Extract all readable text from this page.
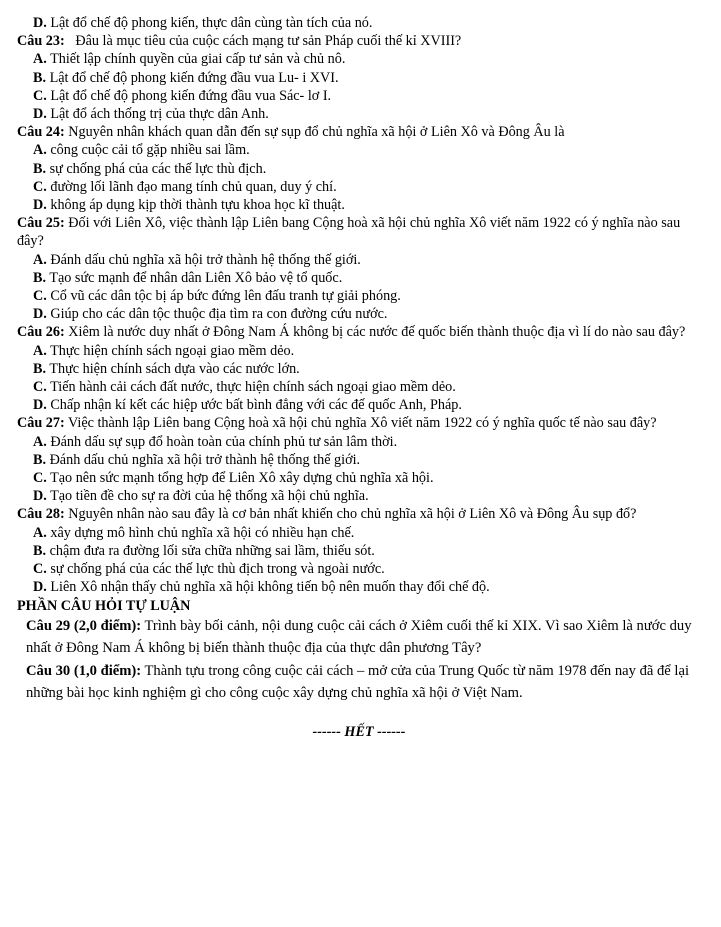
D. Lật đổ chế độ phong kiến, thực dân cùng tàn tích của nó.

Câu 23: Đâu là mục tiêu của cuộc cách mạng tư sản Pháp cuối thế kỉ XVIII?

A. Thiết lập chính quyền của giai cấp tư sản và chủ nô.

B. Lật đổ chế độ phong kiến đứng đầu vua Lu- i XVI.

C. Lật đổ chế độ phong kiến đứng đầu vua Sác- lơ I.

D. Lật đổ ách thống trị của thực dân Anh.

Câu 24: Nguyên nhân khách quan dẫn đến sự sụp đổ chủ nghĩa xã hội ở Liên Xô và Đông Âu là

A. công cuộc cải tổ gặp nhiều sai lầm.

B. sự chống phá của các thế lực thù địch.

C. đường lối lãnh đạo mang tính chủ quan, duy ý chí.

D. không áp dụng kịp thời thành tựu khoa học kĩ thuật.

Câu 25: Đối với Liên Xô, việc thành lập Liên bang Cộng hoà xã hội chủ nghĩa Xô viết năm 1922 có ý nghĩa nào sau đây?

A. Đánh dấu chủ nghĩa xã hội trở thành hệ thống thế giới.

B. Tạo sức mạnh để nhân dân Liên Xô bảo vệ tổ quốc.

C. Cổ vũ các dân tộc bị áp bức đứng lên đấu tranh tự giải phóng.

D. Giúp cho các dân tộc thuộc địa tìm ra con đường cứu nước.

Câu 26: Xiêm là nước duy nhất ở Đông Nam Á không bị các nước đế quốc biến thành thuộc địa vì lí do nào sau đây?

A. Thực hiện chính sách ngoại giao mềm dẻo.

B. Thực hiện chính sách dựa vào các nước lớn.

C. Tiến hành cải cách đất nước, thực hiện chính sách ngoại giao mềm dẻo.

D. Chấp nhận kí kết các hiệp ước bất bình đẳng với các đế quốc Anh, Pháp.

Câu 27: Việc thành lập Liên bang Cộng hoà xã hội chủ nghĩa Xô viết năm 1922 có ý nghĩa quốc tế nào sau đây?

A. Đánh dấu sự sụp đổ hoàn toàn của chính phủ tư sản lâm thời.

B. Đánh dấu chủ nghĩa xã hội trở thành hệ thống thế giới.

C. Tạo nên sức mạnh tổng hợp để Liên Xô xây dựng chủ nghĩa xã hội.

D. Tạo tiền đề cho sự ra đời của hệ thống xã hội chủ nghĩa.

Câu 28: Nguyên nhân nào sau đây là cơ bản nhất khiến cho chủ nghĩa xã hội ở Liên Xô và Đông Âu sụp đổ?

A. xây dựng mô hình chủ nghĩa xã hội có nhiều hạn chế.

B. chậm đưa ra đường lối sửa chữa những sai lầm, thiếu sót.

C. sự chống phá của các thế lực thù địch trong và ngoài nước.

D. Liên Xô nhận thấy chủ nghĩa xã hội không tiến bộ nên muốn thay đổi chế độ.

PHẦN CÂU HỎI TỰ LUẬN

Câu 29 (2,0 điểm): Trình bày bối cảnh, nội dung cuộc cải cách ở Xiêm cuối thế kỉ XIX. Vì sao Xiêm là nước duy nhất ở Đông Nam Á không bị biến thành thuộc địa của thực dân phương Tây?

Câu 30 (1,0 điểm): Thành tựu trong công cuộc cải cách – mở cửa của Trung Quốc từ năm 1978 đến nay đã để lại những bài học kinh nghiệm gì cho công cuộc xây dựng chủ nghĩa xã hội ở Việt Nam.

------ HẾT ------
